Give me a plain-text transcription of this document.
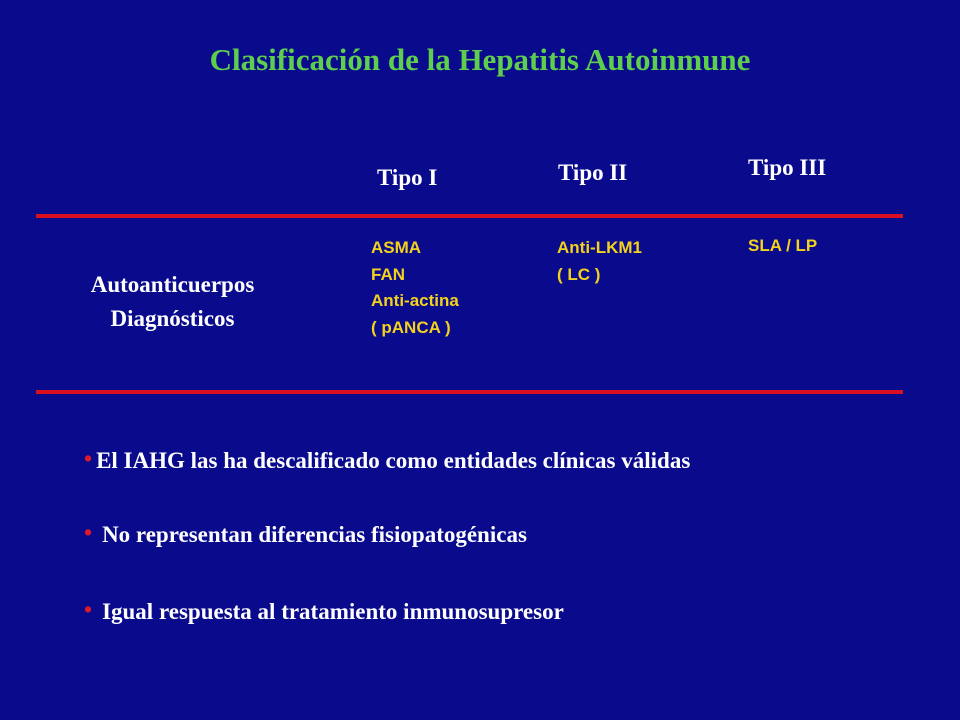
Clasificación de la Hepatitis Autoinmune
Tipo I	Tipo II	Tipo III
Autoanticuerpos Diagnósticos
ASMA
FAN
Anti-actina
( pANCA )
Anti-LKM1
( LC )
SLA / LP
• El IAHG las ha descalificado como entidades clínicas válidas
• No representan diferencias fisiopatogénicas
• Igual respuesta al tratamiento inmunosupresor
